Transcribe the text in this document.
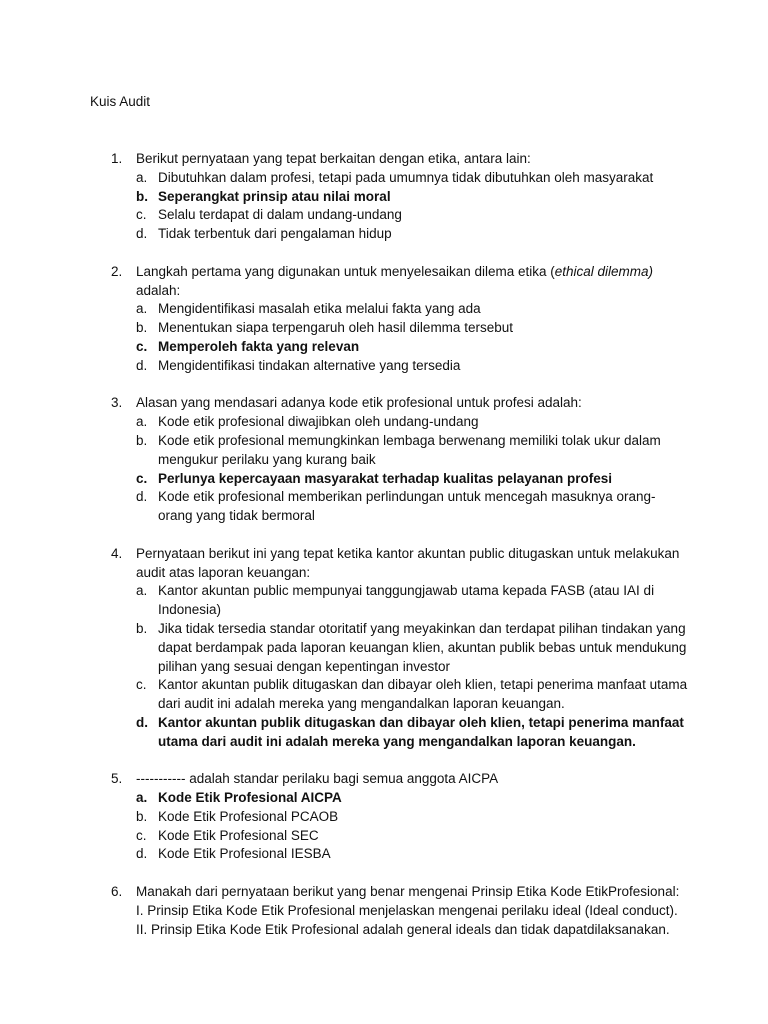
Kuis Audit
1. Berikut pernyataan yang tepat berkaitan dengan etika, antara lain:
a. Dibutuhkan dalam profesi, tetapi pada umumnya tidak dibutuhkan oleh masyarakat
b. Seperangkat prinsip atau nilai moral
c. Selalu terdapat di dalam undang-undang
d. Tidak terbentuk dari pengalaman hidup
2. Langkah pertama yang digunakan untuk menyelesaikan dilema etika (ethical dilemma) adalah:
a. Mengidentifikasi masalah etika melalui fakta yang ada
b. Menentukan siapa terpengaruh oleh hasil dilemma tersebut
c. Memperoleh fakta yang relevan
d. Mengidentifikasi tindakan alternative yang tersedia
3. Alasan yang mendasari adanya kode etik profesional untuk profesi adalah:
a. Kode etik profesional diwajibkan oleh undang-undang
b. Kode etik profesional memungkinkan lembaga berwenang memiliki tolak ukur dalam mengukur perilaku yang kurang baik
c. Perlunya kepercayaan masyarakat terhadap kualitas pelayanan profesi
d. Kode etik profesional memberikan perlindungan untuk mencegah masuknya orang-orang yang tidak bermoral
4. Pernyataan berikut ini yang tepat ketika kantor akuntan public ditugaskan untuk melakukan audit atas laporan keuangan:
a. Kantor akuntan public mempunyai tanggungjawab utama kepada FASB (atau IAI di Indonesia)
b. Jika tidak tersedia standar otoritatif yang meyakinkan dan terdapat pilihan tindakan yang dapat berdampak pada laporan keuangan klien, akuntan publik bebas untuk mendukung pilihan yang sesuai dengan kepentingan investor
c. Kantor akuntan publik ditugaskan dan dibayar oleh klien, tetapi penerima manfaat utama dari audit ini adalah mereka yang mengandalkan laporan keuangan.
d. Kantor akuntan publik ditugaskan dan dibayar oleh klien, tetapi penerima manfaat utama dari audit ini adalah mereka yang mengandalkan laporan keuangan.
5. ----------- adalah standar perilaku bagi semua anggota AICPA
a. Kode Etik Profesional AICPA
b. Kode Etik Profesional PCAOB
c. Kode Etik Profesional SEC
d. Kode Etik Profesional IESBA
6. Manakah dari pernyataan berikut yang benar mengenai Prinsip Etika Kode EtikProfesional:
I. Prinsip Etika Kode Etik Profesional menjelaskan mengenai perilaku ideal (Ideal conduct).
II. Prinsip Etika Kode Etik Profesional adalah general ideals dan tidak dapatdilaksanakan.
